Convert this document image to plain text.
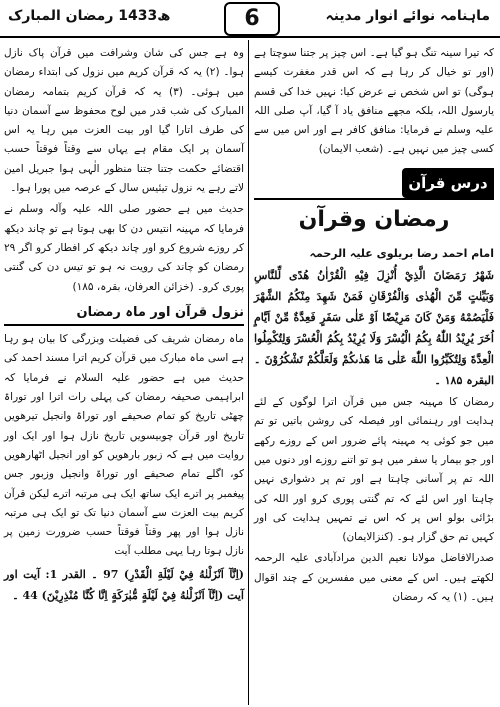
ھ1433 رمضان المبارک	6	ماہنامہ نوائے انوار مدینہ

کہ تیرا سینہ تنگ ہو گیا ہے۔ اس چیز پر جتنا سوچتا ہے (اور تو خیال کر رہا ہے کہ اس قدر مغفرت کیسے ہوگی) تو اس شخص نے عرض کیا: نہیں خدا کی قسم یارسول اللہ، بلکہ مجھے منافق یاد آ گیا، آپ صلی اللہ علیہ وسلم نے فرمایا: منافق کافر ہے اور اس میں سے کسی چیز میں نہیں ہے۔ (شعب الایمان)

درس قرآن
رمضان وقرآن
امام احمد رضا بریلوی علیہ الرحمہ

شَهْرُ رَمَضَانَ الَّذِيْ أُنْزِلَ فِيْهِ الْقُرْاٰنُ هُدًى لِّلنَّاسِ وَبَيِّنٰتٍ مِّنَ الْهُدٰى وَالْفُرْقَانِ فَمَنْ شَهِدَ مِنْكُمُ الشَّهْرَ فَلْيَصُمْهُ وَمَنْ كَانَ مَرِيْضًا اَوْ عَلٰى سَفَرٍ فَعِدَّةٌ مِّنْ اَيَّامٍ اُخَرَ يُرِيْدُ اللّٰهُ بِكُمُ الْيُسْرَ وَلَا يُرِيْدُ بِكُمُ الْعُسْرَ وَلِتُكْمِلُوا الْعِدَّةَ وَلِتُكَبِّرُوا اللّٰهَ عَلٰى مَا هَدٰىكُمْ وَلَعَلَّكُمْ تَشْكُرُوْنَ ۔ البقرہ ۱۸۵ ۔

رمضان کا مہینہ جس میں قرآن اترا لوگوں کے لئے ہدایت اور رہنمائی اور فیصلہ کی روشن باتیں تو تم میں جو کوئی یہ مہینہ پائے ضرور اس کے روزے رکھے اور جو بیمار یا سفر میں ہو تو اتنے روزے اور دنوں میں اللہ تم پر آسانی چاہتا ہے اور تم پر دشواری نہیں چاہتا اور اس لئے کہ تم گنتی پوری کرو اور اللہ کی بڑائی بولو اس پر کہ اس نے تمہیں ہدایت کی اور کہیں تم حق گزار ہو۔ (کنزالایمان)

صدرالافاضل مولانا نعیم الدین مرادآبادی علیہ الرحمہ لکھتے ہیں۔ اس کے معنی میں مفسرین کے چند اقوال ہیں۔ (۱) یہ کہ رمضان

وہ ہے جس کی شان وشرافت میں قرآن پاک نازل ہوا۔ (۲) یہ کہ قرآن کریم میں نزول کی ابتداء رمضان میں ہوئی۔ (۳) یہ کہ قرآن کریم بتمامہ رمضان المبارک کی شب قدر میں لوح محفوظ سے آسمان دنیا کی طرف اتارا گیا اور بیت العزت میں رہا یہ اس آسمان پر ایک مقام ہے یہاں سے وقتاً فوقتاً حسب اقتضائے حکمت جتنا جتنا منظور الٰہی ہوا جبریل امین لاتے رہے یہ نزول تیئیس سال کے عرصہ میں پورا ہوا۔

حدیث میں ہے حضور صلی اللہ علیہ وآلہ وسلم نے فرمایا کہ مہینہ انتیس دن کا بھی ہوتا ہے تو چاند دیکھ کر روزے شروع کرو اور چاند دیکھ کر افطار کرو اگر ۲۹ رمضان کو چاند کی رویت نہ ہو تو تیس دن کی گنتی پوری کرو۔ (خزائن العرفان، بقرہ، ۱۸۵)

نزول قرآن اور ماہ رمضان

ماہ رمضان شریف کی فضیلت وبزرگی کا بیان ہو رہا ہے اسی ماہ مبارک میں قرآن کریم اترا مسند احمد کی حدیث میں ہے حضور علیہ السلام نے فرمایا کہ ابراہیمی صحیفہ رمضان کی پہلی رات اترا اور توراۃ چھٹی تاریخ کو تمام صحیفے اور توراۃ وانجیل تیرھویں تاریخ اور قرآن چوبیسویں تاریخ نازل ہوا اور ایک اور روایت میں ہے کہ زبور بارھویں کو اور انجیل اٹھارھویں کو، اگلے تمام صحیفے اور توراۃ وانجیل وزبور جس پیغمبر پر اترے ایک ساتھ ایک ہی مرتبہ اترے لیکن قرآن کریم بیت العزت سے آسمان دنیا تک تو ایک ہی مرتبہ نازل ہوا اور پھر وقتاً فوقتاً حسب ضرورت زمین پر نازل ہوتا رہا یہی مطلب آیت

(اِنَّآ اَنْزَلْنٰهُ فِيْ لَيْلَةِ الْقَدْرِ) 97 ۔ القدر 1: آیت اور آیت (اِنَّآ اَنْزَلْنٰهُ فِيْ لَيْلَةٍ مُّبٰرَكَةٍ اِنَّا كُنَّا مُنْذِرِيْنَ) 44 ۔
